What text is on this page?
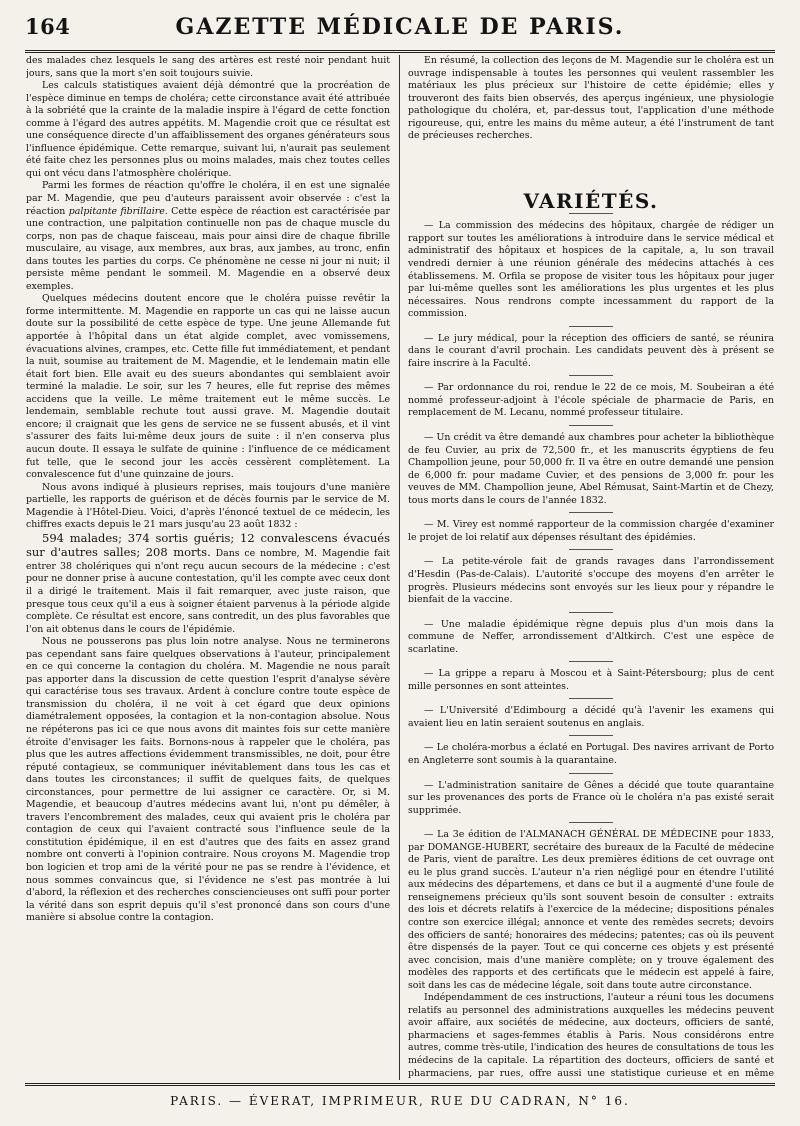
164	GAZETTE MÉDICALE DE PARIS.

des malades chez lesquels le sang des artères est resté noir pendant huit jours, sans que la mort s'en soit toujours suivie.

Les calculs statistiques avaient déjà démontré que la procréation de l'espèce diminue en temps de choléra; cette circonstance avait été attribuée à la sobriété que la crainte de la maladie inspire à l'égard de cette fonction comme à l'égard des autres appétits. M. Magendie croit que ce résultat est une conséquence directe d'un affaiblissement des organes générateurs sous l'influence épidémique. Cette remarque, suivant lui, n'aurait pas seulement été faite chez les personnes plus ou moins malades, mais chez toutes celles qui ont vécu dans l'atmosphère cholérique.

Parmi les formes de réaction qu'offre le choléra, il en est une signalée par M. Magendie, que peu d'auteurs paraissent avoir observée : c'est la réaction palpitante fibrillaire. Cette espèce de réaction est caractérisée par une contraction, une palpitation continuelle non pas de chaque muscle du corps, non pas de chaque faisceau, mais pour ainsi dire de chaque fibrille musculaire, au visage, aux membres, aux bras, aux jambes, au tronc, enfin dans toutes les parties du corps. Ce phénomène ne cesse ni jour ni nuit; il persiste même pendant le sommeil. M. Magendie en a observé deux exemples.

Quelques médecins doutent encore que le choléra puisse revêtir la forme intermittente. M. Magendie en rapporte un cas qui ne laisse aucun doute sur la possibilité de cette espèce de type. Une jeune Allemande fut apportée à l'hôpital dans un état algide complet, avec vomissemens, évacuations alvines, crampes, etc. Cette fille fut immédiatement, et pendant la nuit, soumise au traitement de M. Magendie, et le lendemain matin elle était fort bien. Elle avait eu des sueurs abondantes qui semblaient avoir terminé la maladie. Le soir, sur les 7 heures, elle fut reprise des mêmes accidens que la veille. Le même traitement eut le même succès. Le lendemain, semblable rechute tout aussi grave. M. Magendie doutait encore; il craignait que les gens de service ne se fussent abusés, et il vint s'assurer des faits lui-même deux jours de suite : il n'en conserva plus aucun doute. Il essaya le sulfate de quinine : l'influence de ce médicament fut telle, que le second jour les accès cessèrent complètement. La convalescence fut d'une quinzaine de jours.

Nous avons indiqué à plusieurs reprises, mais toujours d'une manière partielle, les rapports de guérison et de décès fournis par le service de M. Magendie à l'Hôtel-Dieu. Voici, d'après l'énoncé textuel de ce médecin, les chiffres exacts depuis le 21 mars jusqu'au 23 août 1832 :

594 malades; 374 sortis guéris; 12 convalescens évacués sur d'autres salles; 208 morts. Dans ce nombre, M. Magendie fait entrer 38 cholériques qui n'ont reçu aucun secours de la médecine : c'est pour ne donner prise à aucune contestation, qu'il les compte avec ceux dont il a dirigé le traitement. Mais il fait remarquer, avec juste raison, que presque tous ceux qu'il a eus à soigner étaient parvenus à la période algide complète. Ce résultat est encore, sans contredit, un des plus favorables que l'on ait obtenus dans le cours de l'épidémie.

Nous ne pousserons pas plus loin notre analyse. Nous ne terminerons pas cependant sans faire quelques observations à l'auteur, principalement en ce qui concerne la contagion du choléra. M. Magendie ne nous paraît pas apporter dans la discussion de cette question l'esprit d'analyse sévère qui caractérise tous ses travaux. Ardent à conclure contre toute espèce de transmission du choléra, il ne voit à cet égard que deux opinions diamétralement opposées, la contagion et la non-contagion absolue. Nous ne répéterons pas ici ce que nous avons dit maintes fois sur cette manière étroite d'envisager les faits. Bornons-nous à rappeler que le choléra, pas plus que les autres affections évidemment transmissibles, ne doit, pour être réputé contagieux, se communiquer inévitablement dans tous les cas et dans toutes les circonstances; il suffit de quelques faits, de quelques circonstances, pour permettre de lui assigner ce caractère. Or, si M. Magendie, et beaucoup d'autres médecins avant lui, n'ont pu démêler, à travers l'encombrement des malades, ceux qui avaient pris le choléra par contagion de ceux qui l'avaient contracté sous l'influence seule de la constitution épidémique, il en est d'autres que des faits en assez grand nombre ont converti à l'opinion contraire. Nous croyons M. Magendie trop bon logicien et trop ami de la vérité pour ne pas se rendre à l'évidence, et nous sommes convaincus que, si l'évidence ne s'est pas montrée à lui d'abord, la réflexion et des recherches consciencieuses ont suffi pour porter la vérité dans son esprit depuis qu'il s'est prononcé dans son cours d'une manière si absolue contre la contagion.

En résumé, la collection des leçons de M. Magendie sur le choléra est un ouvrage indispensable à toutes les personnes qui veulent rassembler les matériaux les plus précieux sur l'histoire de cette épidémie; elles y trouveront des faits bien observés, des aperçus ingénieux, une physiologie pathologique du choléra, et, par-dessus tout, l'application d'une méthode rigoureuse, qui, entre les mains du même auteur, a été l'instrument de tant de précieuses recherches.

VARIÉTÉS.

— La commission des médecins des hôpitaux, chargée de rédiger un rapport sur toutes les améliorations à introduire dans le service médical et administratif des hôpitaux et hospices de la capitale, a, lu son travail vendredi dernier à une réunion générale des médecins attachés à ces établissemens. M. Orfila se propose de visiter tous les hôpitaux pour juger par lui-même quelles sont les améliorations les plus urgentes et les plus nécessaires. Nous rendrons compte incessamment du rapport de la commission.

— Le jury médical, pour la réception des officiers de santé, se réunira dans le courant d'avril prochain. Les candidats peuvent dès à présent se faire inscrire à la Faculté.

— Par ordonnance du roi, rendue le 22 de ce mois, M. Soubeiran a été nommé professeur-adjoint à l'école spéciale de pharmacie de Paris, en remplacement de M. Lecanu, nommé professeur titulaire.

— Un crédit va être demandé aux chambres pour acheter la bibliothèque de feu Cuvier, au prix de 72,500 fr., et les manuscrits égyptiens de feu Champollion jeune, pour 50,000 fr. Il va être en outre demandé une pension de 6,000 fr. pour madame Cuvier, et des pensions de 3,000 fr. pour les veuves de MM. Champollion jeune, Abel Rémusat, Saint-Martin et de Chezy, tous morts dans le cours de l'année 1832.

— M. Virey est nommé rapporteur de la commission chargée d'examiner le projet de loi relatif aux dépenses résultant des épidémies.

— La petite-vérole fait de grands ravages dans l'arrondissement d'Hesdin (Pas-de-Calais). L'autorité s'occupe des moyens d'en arrêter le progrès. Plusieurs médecins sont envoyés sur les lieux pour y répandre le bienfait de la vaccine.

— Une maladie épidémique règne depuis plus d'un mois dans la commune de Neffer, arrondissement d'Altkirch. C'est une espèce de scarlatine.

— La grippe a reparu à Moscou et à Saint-Pétersbourg; plus de cent mille personnes en sont atteintes.

— L'Université d'Edimbourg a décidé qu'à l'avenir les examens qui avaient lieu en latin seraient soutenus en anglais.

— Le choléra-morbus a éclaté en Portugal. Des navires arrivant de Porto en Angleterre sont soumis à la quarantaine.

— L'administration sanitaire de Gênes a décidé que toute quarantaine sur les provenances des ports de France où le choléra n'a pas existé serait supprimée.

— La 3e édition de l'ALMANACH GÉNÉRAL DE MÉDECINE pour 1833, par DOMANGE-HUBERT, secrétaire des bureaux de la Faculté de médecine de Paris, vient de paraître. Les deux premières éditions de cet ouvrage ont eu le plus grand succès. L'auteur n'a rien négligé pour en étendre l'utilité aux médecins des départemens, et dans ce but il a augmenté d'une foule de renseignemens précieux qu'ils sont souvent besoin de consulter : extraits des lois et décrets relatifs à l'exercice de la médecine; dispositions pénales contre son exercice illégal; annonce et vente des remèdes secrets; devoirs des officiers de santé; honoraires des médecins; patentes; cas où ils peuvent être dispensés de la payer. Tout ce qui concerne ces objets y est présenté avec concision, mais d'une manière complète; on y trouve également des modèles des rapports et des certificats que le médecin est appelé à faire, soit dans les cas de médecine légale, soit dans toute autre circonstance.

Indépendamment de ces instructions, l'auteur a réuni tous les documens relatifs au personnel des administrations auxquelles les médecins peuvent avoir affaire, aux sociétés de médecine, aux docteurs, officiers de santé, pharmaciens et sages-femmes établis à Paris. Nous considérons entre autres, comme très-utile, l'indication des heures de consultations de tous les médecins de la capitale. La répartition des docteurs, officiers de santé et pharmaciens, par rues, offre aussi une statistique curieuse et en même

PARIS. — ÉVERAT, IMPRIMEUR, RUE DU CADRAN, N° 16.
